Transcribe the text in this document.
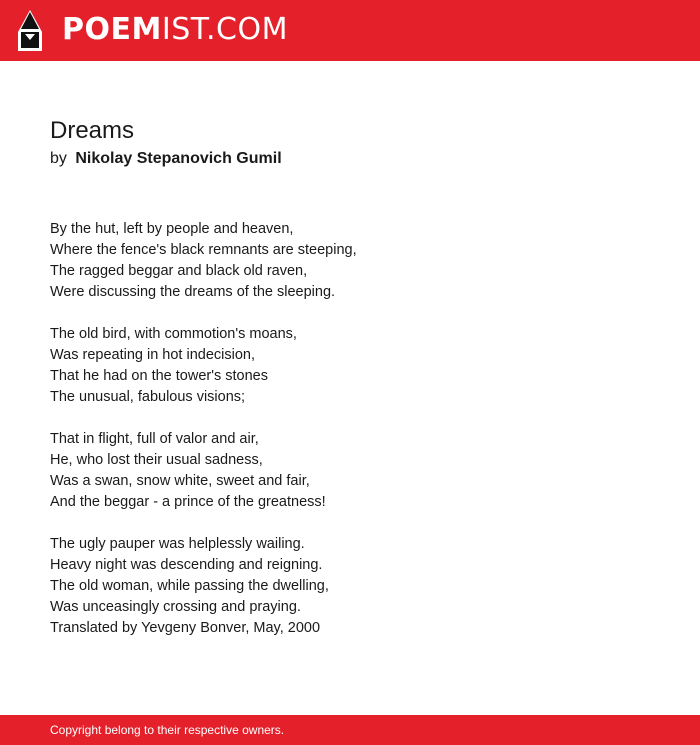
POEMIST.COM
Dreams
by Nikolay Stepanovich Gumil
By the hut, left by people and heaven,
Where the fence's black remnants are steeping,
The ragged beggar and black old raven,
Were discussing the dreams of the sleeping.
The old bird, with commotion's moans,
Was repeating in hot indecision,
That he had on the tower's stones
The unusual, fabulous visions;
That in flight, full of valor and air,
He, who lost their usual sadness,
Was a swan, snow white, sweet and fair,
And the beggar - a prince of the greatness!
The ugly pauper was helplessly wailing.
Heavy night was descending and reigning.
The old woman, while passing the dwelling,
Was unceasingly crossing and praying.
Translated by Yevgeny Bonver, May, 2000
Copyright belong to their respective owners.
